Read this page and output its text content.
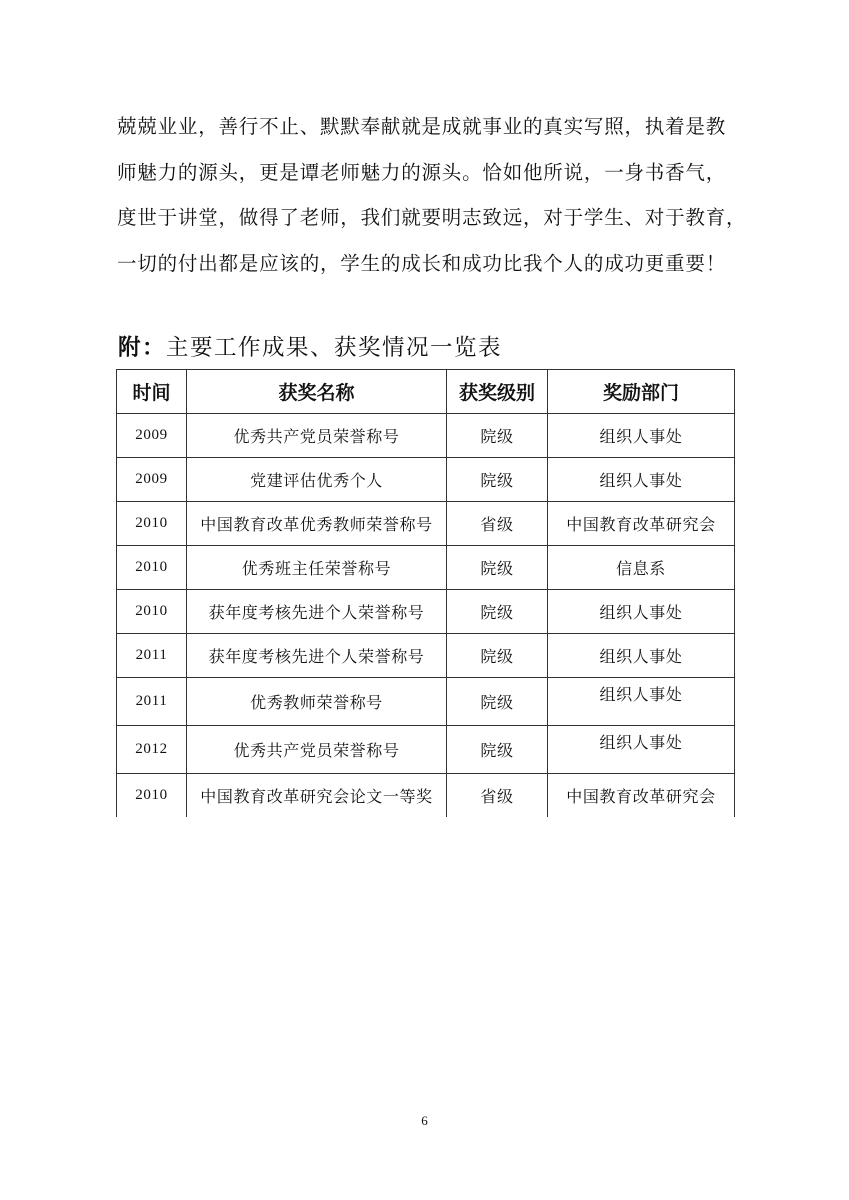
兢兢业业，善行不止、默默奉献就是成就事业的真实写照，执着是教
师魅力的源头，更是谭老师魅力的源头。恰如他所说，一身书香气，
度世于讲堂，做得了老师，我们就要明志致远，对于学生、对于教育，
一切的付出都是应该的，学生的成长和成功比我个人的成功更重要！
附：主要工作成果、获奖情况一览表
时间	获奖名称	获奖级别	奖励部门
2009	优秀共产党员荣誉称号	院级	组织人事处
2009	党建评估优秀个人	院级	组织人事处
2010	中国教育改革优秀教师荣誉称号	省级	中国教育改革研究会
2010	优秀班主任荣誉称号	院级	信息系
2010	获年度考核先进个人荣誉称号	院级	组织人事处
2011	获年度考核先进个人荣誉称号	院级	组织人事处
2011	优秀教师荣誉称号	院级	组织人事处
2012	优秀共产党员荣誉称号	院级	组织人事处
2010	中国教育改革研究会论文一等奖	省级	中国教育改革研究会
6
